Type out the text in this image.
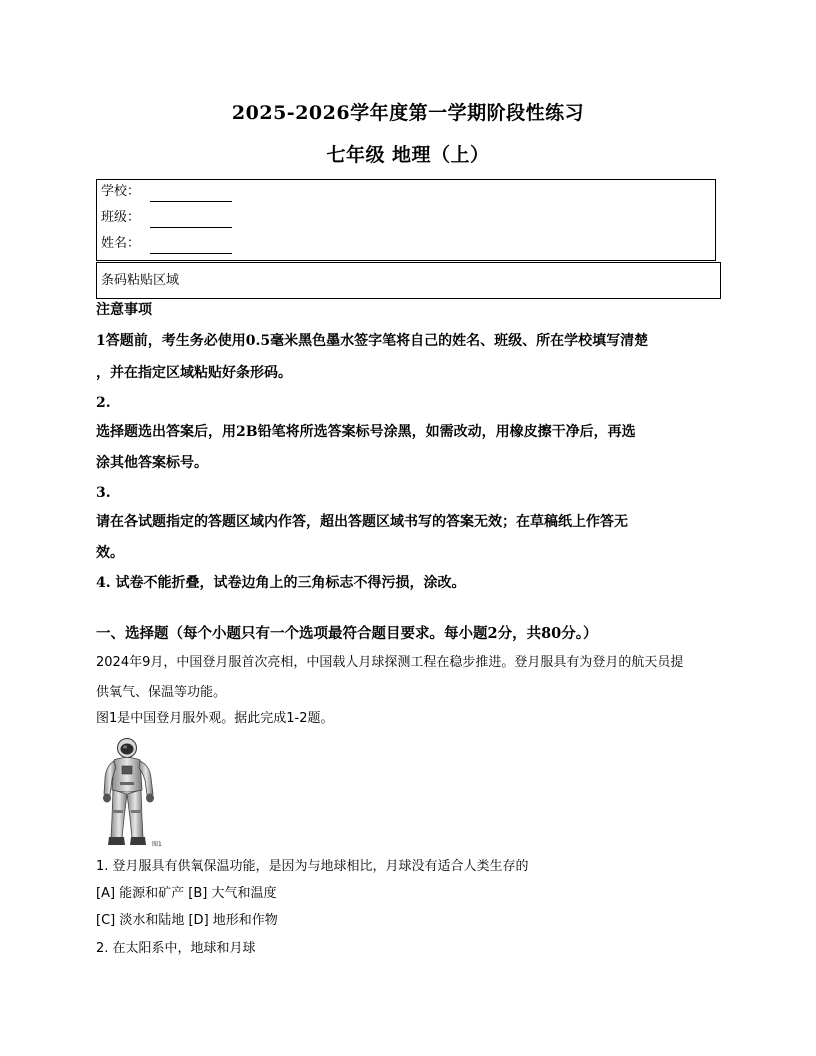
2025-2026学年度第一学期阶段性练习
七年级 地理（上）
学校：
班级：
姓名：
条码粘贴区域
注意事项
1答题前，考生务必使用0.5毫米黑色墨水签字笔将自己的姓名、班级、所在学校填写清楚
，并在指定区域粘贴好条形码。
2.
选择题选出答案后，用2B铅笔将所选答案标号涂黑，如需改动，用橡皮擦干净后，再选
涂其他答案标号。
3.
请在各试题指定的答题区域内作答，超出答题区域书写的答案无效；在草稿纸上作答无
效。
4. 试卷不能折叠，试卷边角上的三角标志不得污损，涂改。
一、选择题（每个小题只有一个选项最符合题目要求。每小题2分，共80分。）
2024年9月，中国登月服首次亮相，中国载人月球探测工程在稳步推进。登月服具有为登月的航天员提
供氧气、保温等功能。
图1是中国登月服外观。据此完成1-2题。
图1
1. 登月服具有供氧保温功能，是因为与地球相比，月球没有适合人类生存的
[A] 能源和矿产 [B] 大气和温度
[C] 淡水和陆地 [D] 地形和作物
2. 在太阳系中，地球和月球
